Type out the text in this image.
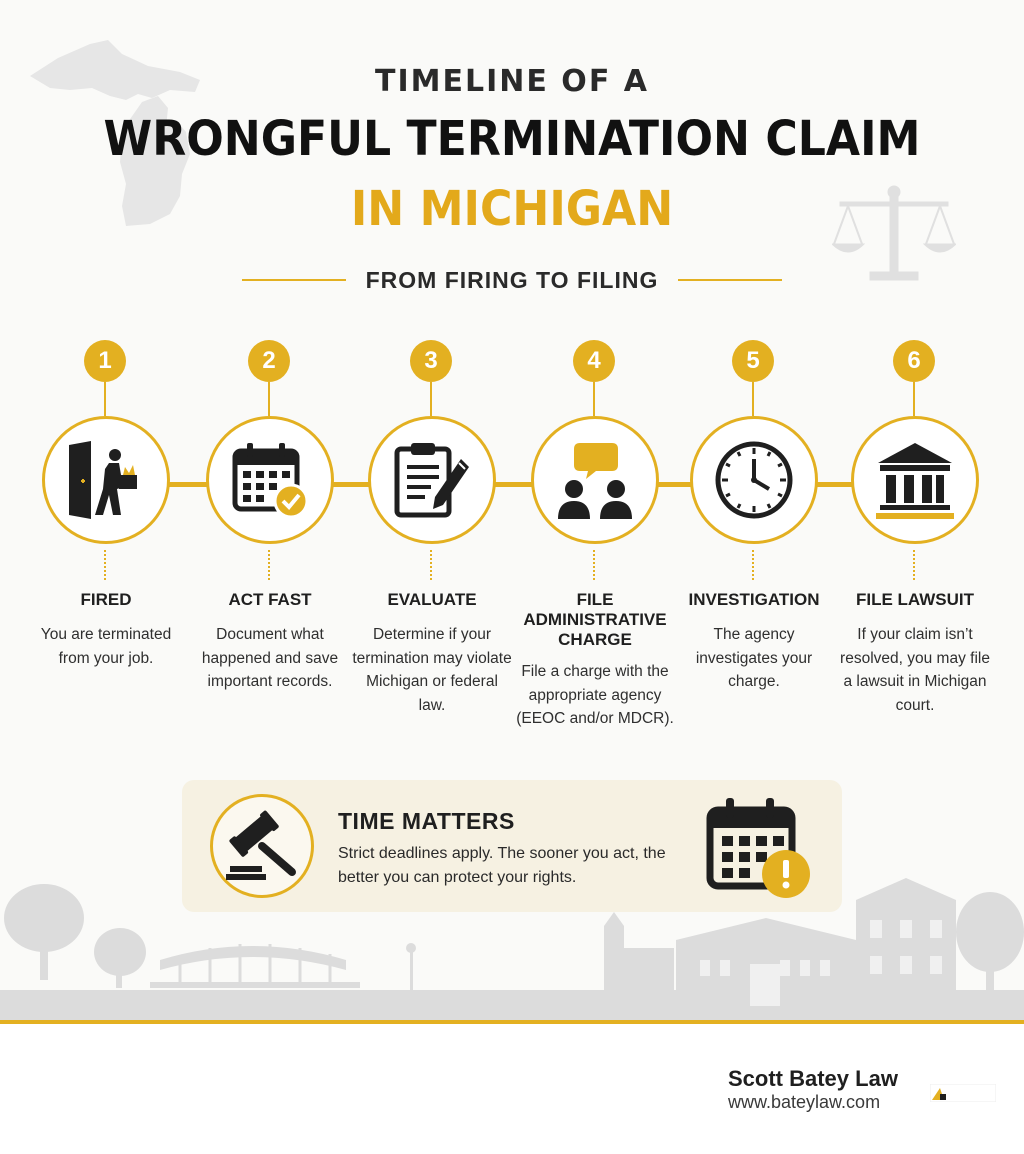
TIMELINE OF A
WRONGFUL TERMINATION CLAIM
IN MICHIGAN
FROM FIRING TO FILING
1
FIRED
You are terminated from your job.
2
ACT FAST
Document what happened and save important records.
3
EVALUATE
Determine if your termination may violate Michigan or federal law.
4
FILE ADMINISTRATIVE CHARGE
File a charge with the appropriate agency (EEOC and/or MDCR).
5
INVESTIGATION
The agency investigates your charge.
6
FILE LAWSUIT
If your claim isn’t resolved, you may file a lawsuit in Michigan court.
TIME MATTERS
Strict deadlines apply. The sooner you act, the better you can protect your rights.
Scott Batey Law
www.bateylaw.com
